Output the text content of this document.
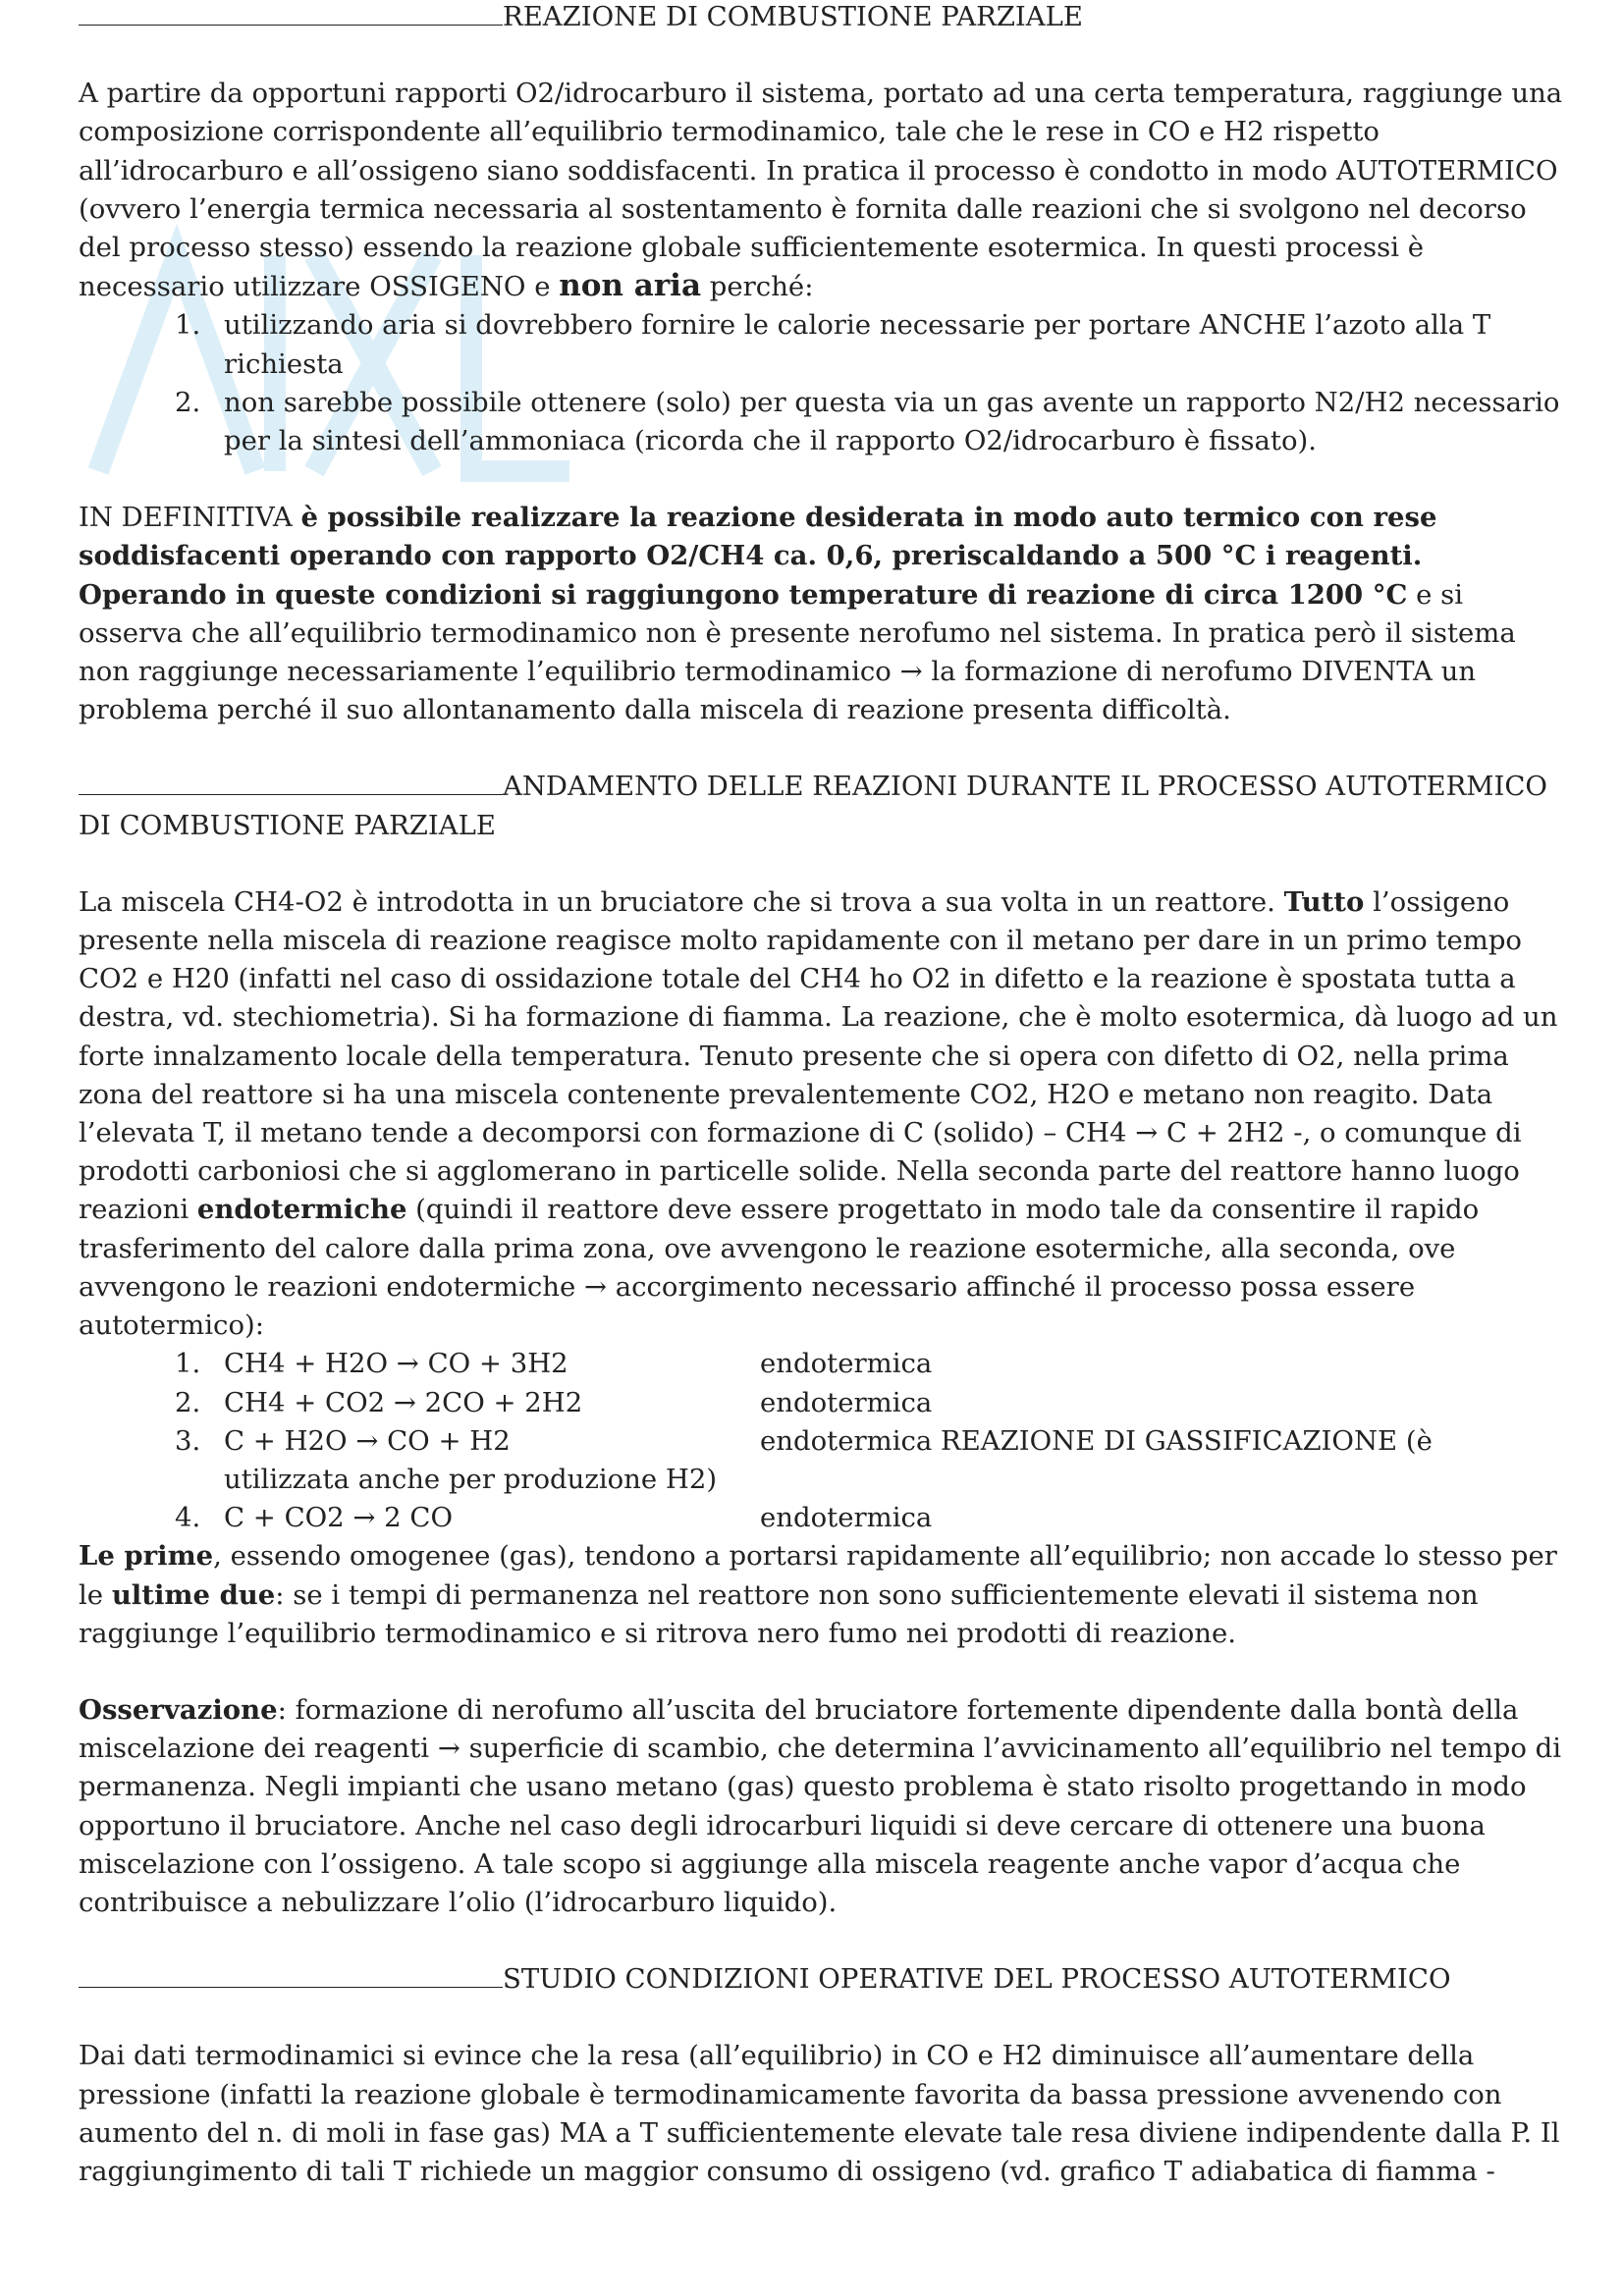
REAZIONE DI COMBUSTIONE PARZIALE

A partire da opportuni rapporti O2/idrocarburo il sistema, portato ad una certa temperatura, raggiunge una composizione corrispondente all’equilibrio termodinamico, tale che le rese in CO e H2 rispetto all’idrocarburo e all’ossigeno siano soddisfacenti. In pratica il processo è condotto in modo AUTOTERMICO (ovvero l’energia termica necessaria al sostentamento è fornita dalle reazioni che si svolgono nel decorso del processo stesso) essendo la reazione globale sufficientemente esotermica. In questi processi è necessario utilizzare OSSIGENO e non aria perché:

1. utilizzando aria si dovrebbero fornire le calorie necessarie per portare ANCHE l’azoto alla T richiesta
2. non sarebbe possibile ottenere (solo) per questa via un gas avente un rapporto N2/H2 necessario per la sintesi dell’ammoniaca (ricorda che il rapporto O2/idrocarburo è fissato).

IN DEFINITIVA è possibile realizzare la reazione desiderata in modo auto termico con rese soddisfacenti operando con rapporto O2/CH4 ca. 0,6, preriscaldando a 500 °C i reagenti. Operando in queste condizioni si raggiungono temperature di reazione di circa 1200 °C e si osserva che all’equilibrio termodinamico non è presente nerofumo nel sistema. In pratica però il sistema non raggiunge necessariamente l’equilibrio termodinamico → la formazione di nerofumo DIVENTA un problema perché il suo allontanamento dalla miscela di reazione presenta difficoltà.

ANDAMENTO DELLE REAZIONI DURANTE IL PROCESSO AUTOTERMICO DI COMBUSTIONE PARZIALE

La miscela CH4-O2 è introdotta in un bruciatore che si trova a sua volta in un reattore. Tutto l’ossigeno presente nella miscela di reazione reagisce molto rapidamente con il metano per dare in un primo tempo CO2 e H20 (infatti nel caso di ossidazione totale del CH4 ho O2 in difetto e la reazione è spostata tutta a destra, vd. stechiometria). Si ha formazione di fiamma. La reazione, che è molto esotermica, dà luogo ad un forte innalzamento locale della temperatura. Tenuto presente che si opera con difetto di O2, nella prima zona del reattore si ha una miscela contenente prevalentemente CO2, H2O e metano non reagito. Data l’elevata T, il metano tende a decomporsi con formazione di C (solido) – CH4 → C + 2H2 -, o comunque di prodotti carboniosi che si agglomerano in particelle solide. Nella seconda parte del reattore hanno luogo reazioni endotermiche (quindi il reattore deve essere progettato in modo tale da consentire il rapido trasferimento del calore dalla prima zona, ove avvengono le reazione esotermiche, alla seconda, ove avvengono le reazioni endotermiche → accorgimento necessario affinché il processo possa essere autotermico):

1. CH4 + H2O → CO + 3H2	endotermica
2. CH4 + CO2 → 2CO + 2H2	endotermica
3. C + H2O → CO + H2	endotermica REAZIONE DI GASSIFICAZIONE (è utilizzata anche per produzione H2)
4. C + CO2 → 2 CO	endotermica

Le prime, essendo omogenee (gas), tendono a portarsi rapidamente all’equilibrio; non accade lo stesso per le ultime due: se i tempi di permanenza nel reattore non sono sufficientemente elevati il sistema non raggiunge l’equilibrio termodinamico e si ritrova nero fumo nei prodotti di reazione.

Osservazione: formazione di nerofumo all’uscita del bruciatore fortemente dipendente dalla bontà della miscelazione dei reagenti → superficie di scambio, che determina l’avvicinamento all’equilibrio nel tempo di permanenza. Negli impianti che usano metano (gas) questo problema è stato risolto progettando in modo opportuno il bruciatore. Anche nel caso degli idrocarburi liquidi si deve cercare di ottenere una buona miscelazione con l’ossigeno. A tale scopo si aggiunge alla miscela reagente anche vapor d’acqua che contribuisce a nebulizzare l’olio (l’idrocarburo liquido).

STUDIO CONDIZIONI OPERATIVE DEL PROCESSO AUTOTERMICO

Dai dati termodinamici si evince che la resa (all’equilibrio) in CO e H2 diminuisce all’aumentare della pressione (infatti la reazione globale è termodinamicamente favorita da bassa pressione avvenendo con aumento del n. di moli in fase gas) MA a T sufficientemente elevate tale resa diviene indipendente dalla P. Il raggiungimento di tali T richiede un maggior consumo di ossigeno (vd. grafico T adiabatica di fiamma -
